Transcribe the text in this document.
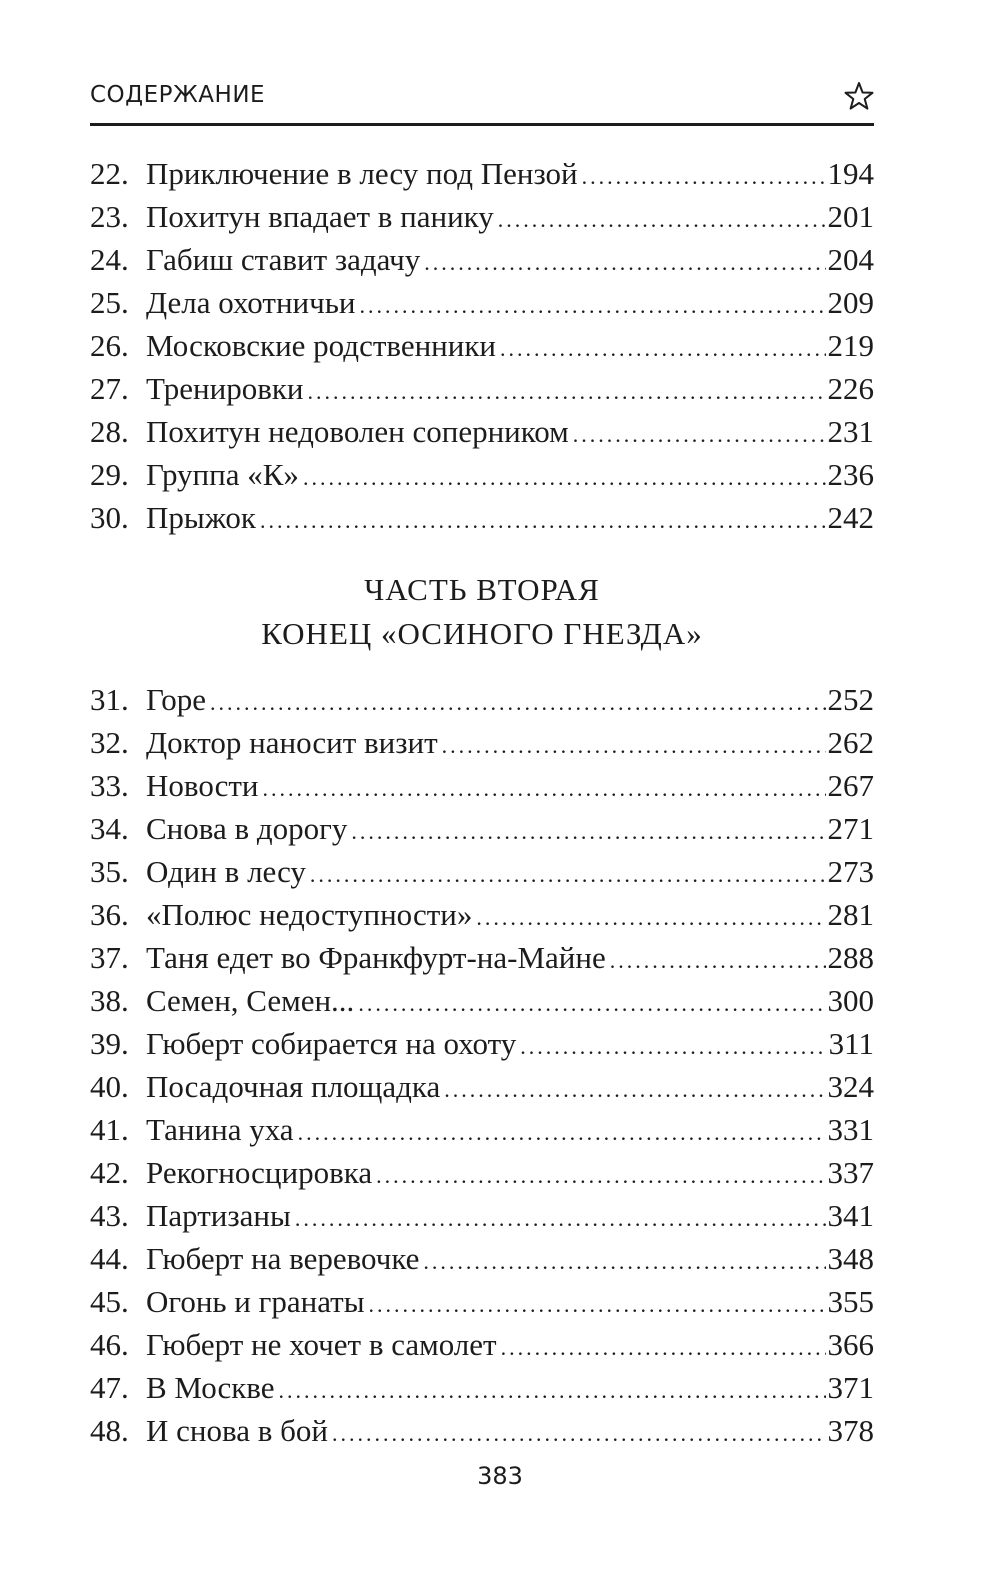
СОДЕРЖАНИЕ
22. Приключение в лесу под Пензой .....	194
23. Похитун впадает в панику .....	201
24. Габиш ставит задачу .....	204
25. Дела охотничьи .....	209
26. Московские родственники .....	219
27. Тренировки .....	226
28. Похитун недоволен соперником .....	231
29. Группа «К» .....	236
30. Прыжок .....	242
ЧАСТЬ ВТОРАЯ
КОНЕЦ «ОСИНОГО ГНЕЗДА»
31. Горе .....	252
32. Доктор наносит визит .....	262
33. Новости .....	267
34. Снова в дорогу .....	271
35. Один в лесу .....	273
36. «Полюс недоступности» .....	281
37. Таня едет во Франкфурт-на-Майне .....	288
38. Семен, Семен... .....	300
39. Гюберт собирается на охоту .....	311
40. Посадочная площадка .....	324
41. Танина уха .....	331
42. Рекогносцировка .....	337
43. Партизаны .....	341
44. Гюберт на веревочке .....	348
45. Огонь и гранаты .....	355
46. Гюберт не хочет в самолет .....	366
47. В Москве .....	371
48. И снова в бой .....	378
383
